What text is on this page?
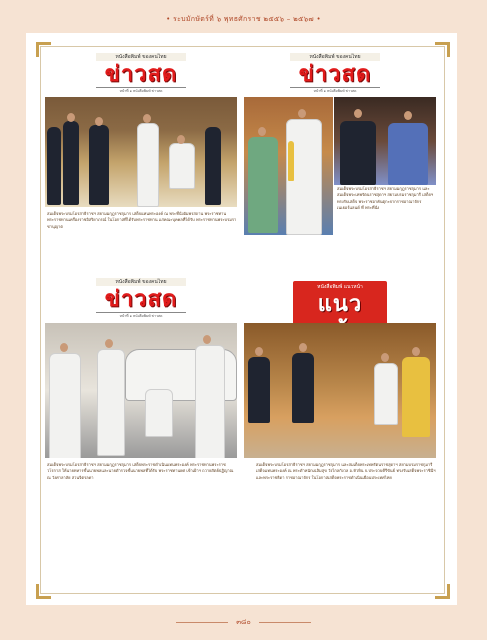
• ระบมักษัตร์ที่ ๖ พุทธศักราช ๒๕๕๖ – ๒๕๖๗ •
หนังสือพิมพ์ ของคนไทย
ข่าวสด
หน้าที่ ๑ หนังสือพิมพ์ ข่าวสด
สมเด็จพระบรมโอรสาธิราชฯ สยามมกุฎราชกุมาร เสด็จแทนพระองค์ ณ พระที่นั่งอัมพรสถาน พระราชทานพระราชทานเครื่องราชอิสริยาภรณ์ ในโอกาสที่ได้รับพระราชทาน แก่คณะบุคคลที่ได้รับ พระราชทานพระบรมราชานุญาต
หนังสือพิมพ์ ของคนไทย
ข่าวสด
หน้าที่ ๑ หนังสือพิมพ์ ข่าวสด
สมเด็จพระบรมโอรสาธิราชฯ สยามมกุฎราชกุมาร และสมเด็จพระเทพรัตนราชสุดาฯ สยามบรมราชกุมารี เสด็จฯ ทรงรับเสด็จ พระราชอาคันตุกะจากราชอาณาจักรเนเธอร์แลนด์ ที่ พระที่นั่ง
หนังสือพิมพ์ ของคนไทย
ข่าวสด
หน้าที่ ๑ หนังสือพิมพ์ ข่าวสด
สมเด็จพระบรมโอรสาธิราชฯ สยามมกุฎราชกุมาร เสด็จพระราชดำเนินแทนพระองค์ พระราชทานพระราชวโรกาส ให้นายทหารชั้นนายพลและนายตำรวจชั้นนายพลที่ได้รับ พระราชทานยศ เข้าเฝ้าฯ ถวายสัตย์ปฏิญาณ ณ วังศาลาลัย สวนจิตรลดา
หนังสือพิมพ์ แนวหน้า
แนว
สมเด็จพระบรมโอรสาธิราชฯ สยามมกุฎราชกุมาร และสมเด็จพระเทพรัตนราชสุดาฯ สยามบรมราชกุมารี เสด็จแทนพระองค์ ณ พระตำหนักเฉลิมสุข วังไกลกังวล อ.หัวหิน จ.ประจวบคีรีขันธ์ ทรงรับเสด็จพระราชินีฯ และพระราชธิดา ราชอาณาจักร ในโอกาสเสด็จพระราชดำเนินเยือนประเทศไทย
๓๘๐
